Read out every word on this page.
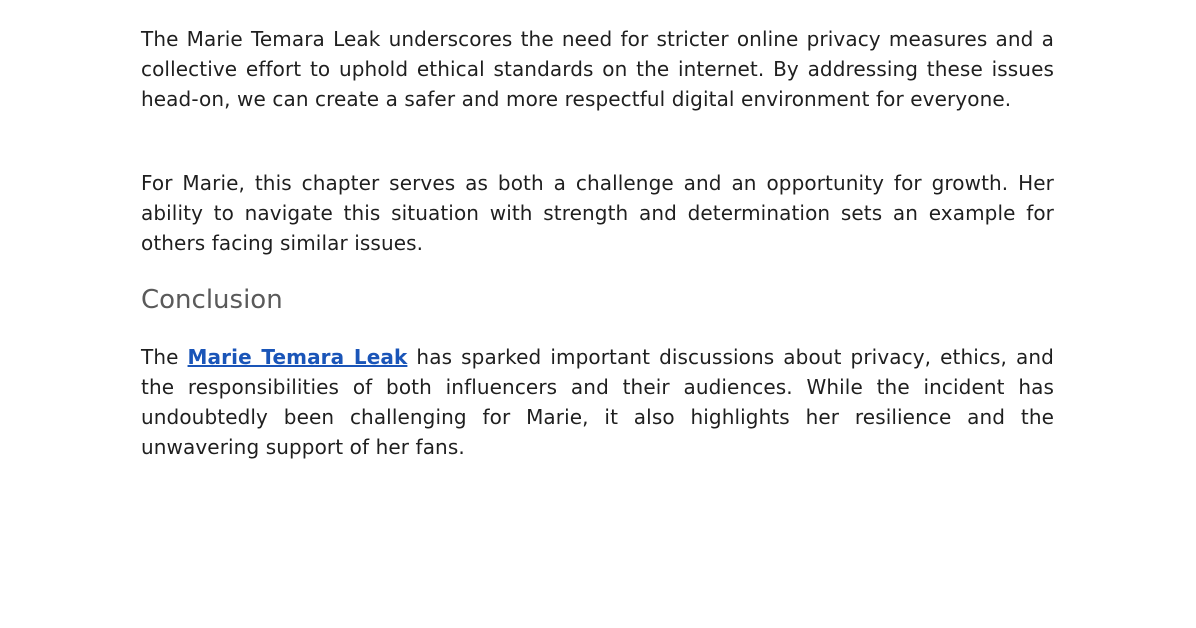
The Marie Temara Leak underscores the need for stricter online privacy measures and a collective effort to uphold ethical standards on the internet. By addressing these issues head-on, we can create a safer and more respectful digital environment for everyone.

For Marie, this chapter serves as both a challenge and an opportunity for growth. Her ability to navigate this situation with strength and determination sets an example for others facing similar issues.

Conclusion

The Marie Temara Leak has sparked important discussions about privacy, ethics, and the responsibilities of both influencers and their audiences. While the incident has undoubtedly been challenging for Marie, it also highlights her resilience and the unwavering support of her fans.
